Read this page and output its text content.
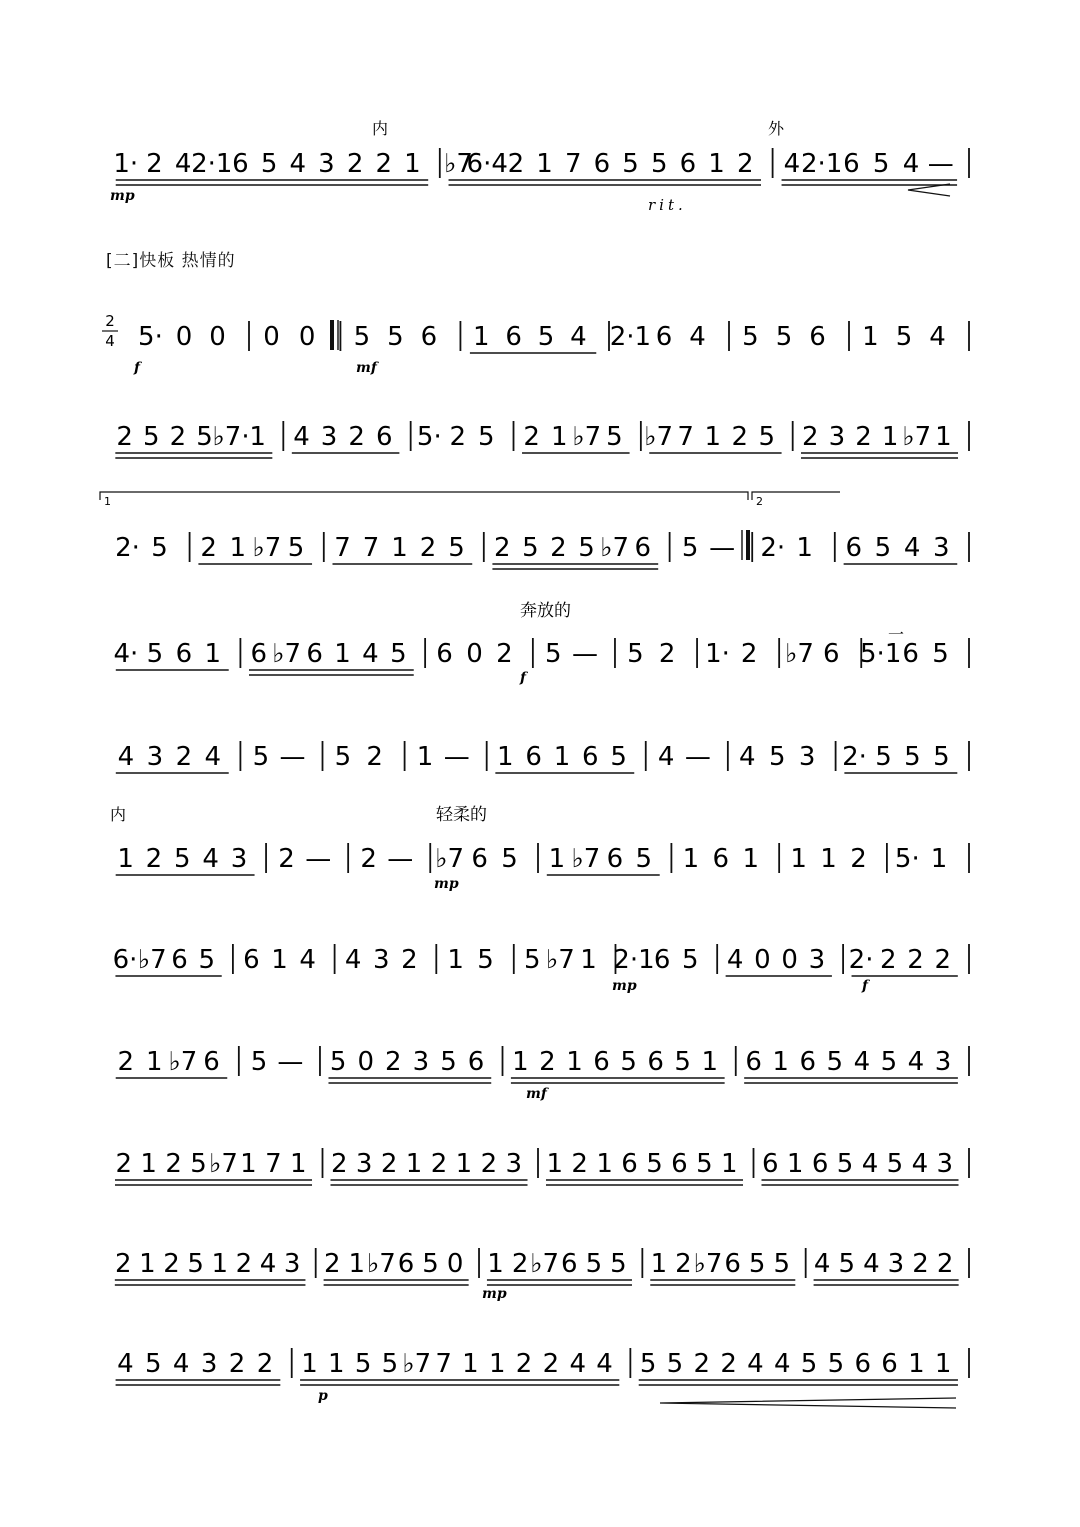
[二]快板 热情的
1· 2 4 2·1 6 5 4 3 2 2 1 ♭7
6·4 2 1 7 6 5 5 6 1 2 4 2·1 6 5 4 —
5· 0 0 0 0 5 5 6 1 6 5 4 2·1 6 4 5 5 6 1 5 4
2 5 2 5 ♭7· 1 4 3 2 6 5· 2 5 2 1 ♭7 5 ♭7 7 1 2 5 2 3 2 1 ♭7 1
2· 5 2 1 ♭7 5 7 7 1 2 5 2 5 2 5 ♭7 6 5 — 2· 1 6 5 4 3
4· 5 6 1 6 ♭7 6 1 4 5 6 0 2 5 — 5 2 1· 2 ♭7 6 5·1 6 5
4 3 2 4 5 — 5 2 1 — 1 6 1 6 5 4 — 4 5 3 2· 5 5 5
1 2 5 4 3 2 — 2 — ♭7 6 5 1 ♭7 6 5 1 6 1 1 1 2 5· 1
6· ♭7 6 5 6 1 4 4 3 2 1 5 5 ♭7 1 2·1 6 5 4 0 0 3 2· 2 2 2
2 1 ♭7 6 5 — 5 0 2 3 5 6 1 2 1 6 5 6 5 1 6 1 6 5 4 5 4 3
2 1 2 5 ♭7 1 7 1 2 3 2 1 2 1 2 3 1 2 1 6 5 6 5 1 6 1 6 5 4 5 4 3
2 1 2 5 1 2 4 3 2 1 ♭7 6 5 0 1 2 ♭7 6 5 5 1 2 ♭7 6 5 5 4 5 4 3 2 2
4 5 4 3 2 2 1 1 5 5 ♭7 7 1 1 2 2 4 4 5 5 2 2 4 4 5 5 6 6 1 1
2
4
rit.
奔放的
轻柔的
mp
f	mf
f
mp
mp	f
mf
mp
p
内	外
一
内
1	2
